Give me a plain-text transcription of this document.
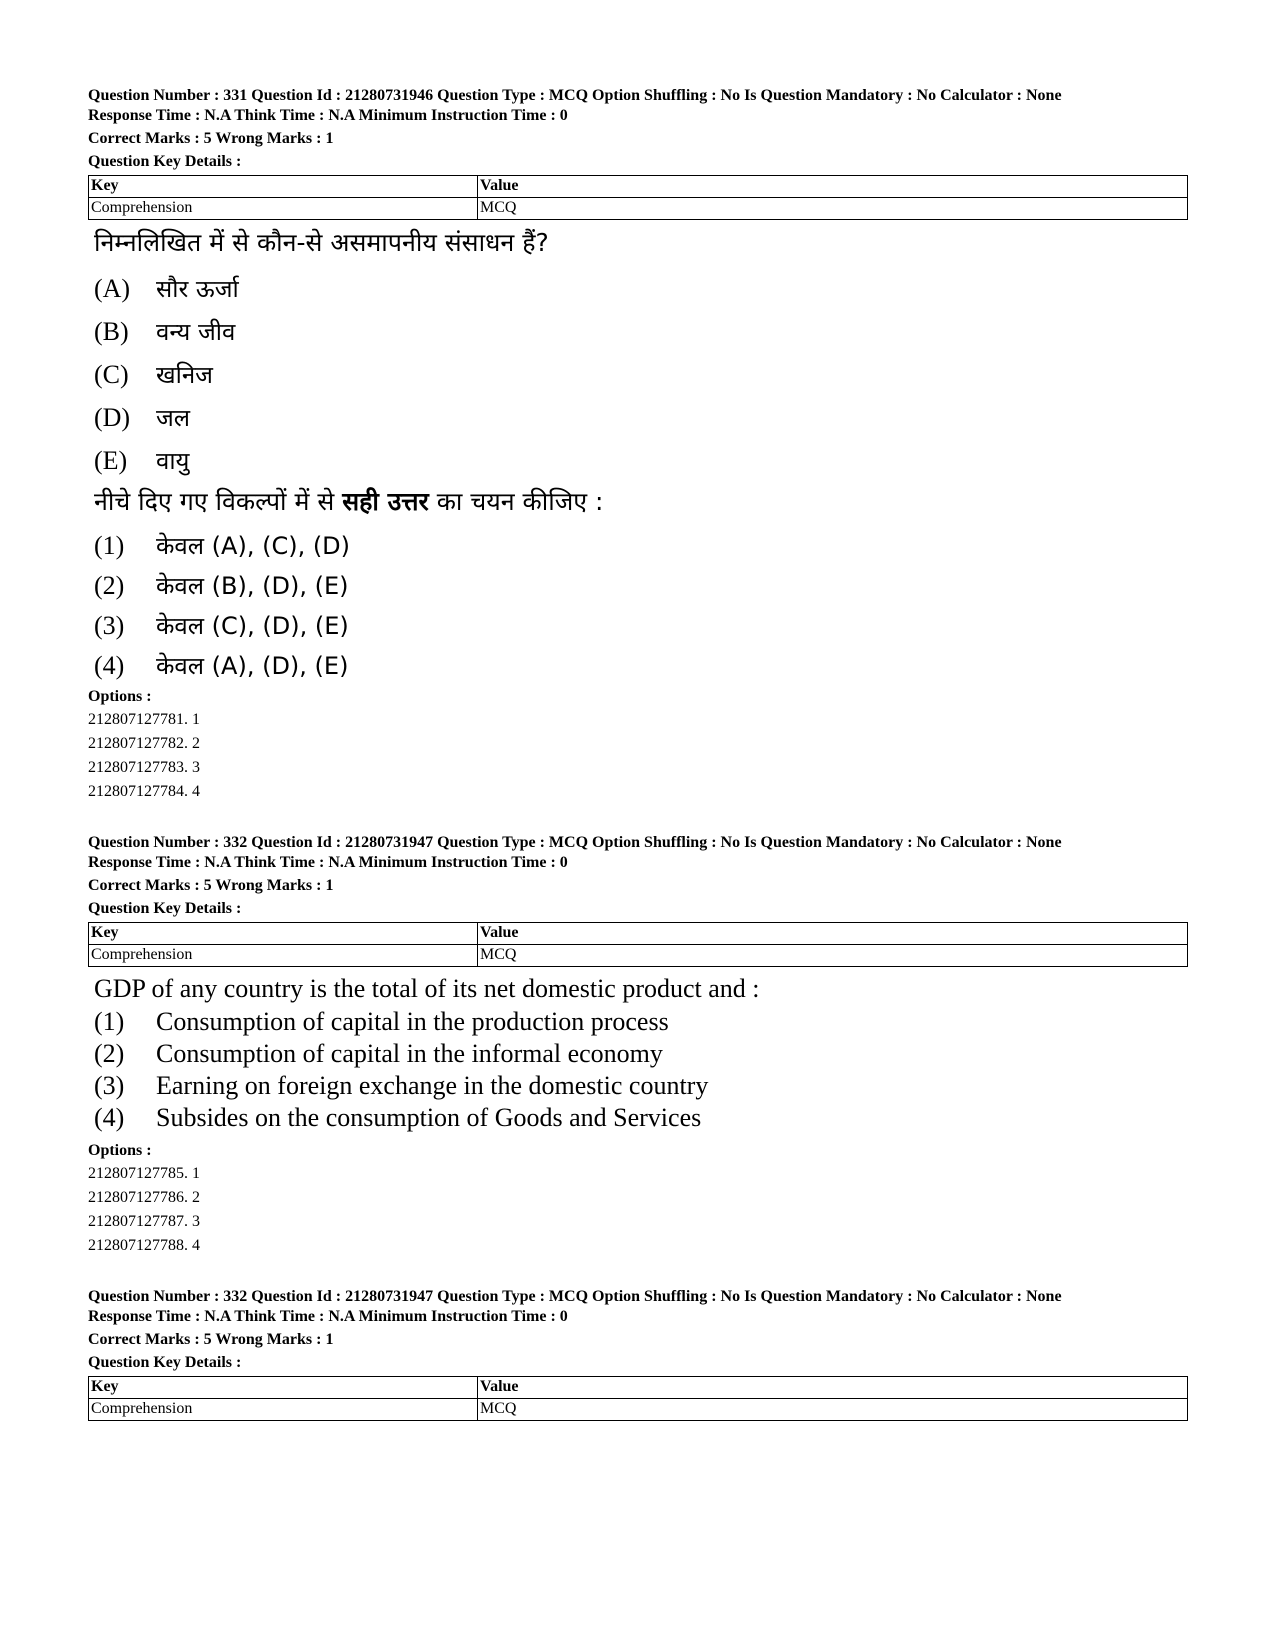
Question Number : 331 Question Id : 21280731946 Question Type : MCQ Option Shuffling : No Is Question Mandatory : No Calculator : None
Response Time : N.A Think Time : N.A Minimum Instruction Time : 0
Correct Marks : 5 Wrong Marks : 1
Question Key Details :
Key	Value
Comprehension	MCQ
निम्नलिखित में से कौन-से असमापनीय संसाधन हैं?
(A)	सौर ऊर्जा
(B)	वन्य जीव
(C)	खनिज
(D)	जल
(E)	वायु
नीचे दिए गए विकल्पों में से सही उत्तर का चयन कीजिए :
(1)	केवल (A), (C), (D)
(2)	केवल (B), (D), (E)
(3)	केवल (C), (D), (E)
(4)	केवल (A), (D), (E)
Options :
212807127781. 1
212807127782. 2
212807127783. 3
212807127784. 4
Question Number : 332 Question Id : 21280731947 Question Type : MCQ Option Shuffling : No Is Question Mandatory : No Calculator : None
Response Time : N.A Think Time : N.A Minimum Instruction Time : 0
Correct Marks : 5 Wrong Marks : 1
Question Key Details :
Key	Value
Comprehension	MCQ
GDP of any country is the total of its net domestic product and :
(1)	Consumption of capital in the production process
(2)	Consumption of capital in the informal economy
(3)	Earning on foreign exchange in the domestic country
(4)	Subsides on the consumption of Goods and Services
Options :
212807127785. 1
212807127786. 2
212807127787. 3
212807127788. 4
Question Number : 332 Question Id : 21280731947 Question Type : MCQ Option Shuffling : No Is Question Mandatory : No Calculator : None
Response Time : N.A Think Time : N.A Minimum Instruction Time : 0
Correct Marks : 5 Wrong Marks : 1
Question Key Details :
Key	Value
Comprehension	MCQ
